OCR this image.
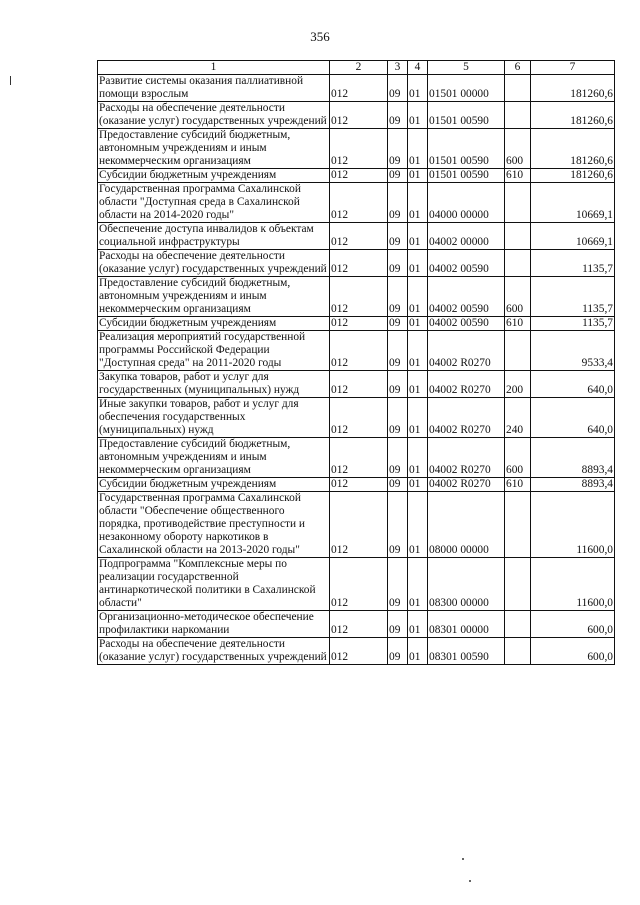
356
1	2	3	4	5	6	7
Развитие системы оказания паллиативной помощи взрослым	012	09	01	01501 00000		181260,6
Расходы на обеспечение деятельности (оказание услуг) государственных учреждений	012	09	01	01501 00590		181260,6
Предоставление субсидий бюджетным, автономным учреждениям и иным некоммерческим организациям	012	09	01	01501 00590	600	181260,6
Субсидии бюджетным учреждениям	012	09	01	01501 00590	610	181260,6
Государственная программа Сахалинской области "Доступная среда в Сахалинской области на 2014-2020 годы"	012	09	01	04000 00000		10669,1
Обеспечение доступа инвалидов к объектам социальной инфраструктуры	012	09	01	04002 00000		10669,1
Расходы на обеспечение деятельности (оказание услуг) государственных учреждений	012	09	01	04002 00590		1135,7
Предоставление субсидий бюджетным, автономным учреждениям и иным некоммерческим организациям	012	09	01	04002 00590	600	1135,7
Субсидии бюджетным учреждениям	012	09	01	04002 00590	610	1135,7
Реализация мероприятий государственной программы Российской Федерации "Доступная среда" на 2011-2020 годы	012	09	01	04002 R0270		9533,4
Закупка товаров, работ и услуг для государственных (муниципальных) нужд	012	09	01	04002 R0270	200	640,0
Иные закупки товаров, работ и услуг для обеспечения государственных (муниципальных) нужд	012	09	01	04002 R0270	240	640,0
Предоставление субсидий бюджетным, автономным учреждениям и иным некоммерческим организациям	012	09	01	04002 R0270	600	8893,4
Субсидии бюджетным учреждениям	012	09	01	04002 R0270	610	8893,4
Государственная программа Сахалинской области "Обеспечение общественного порядка, противодействие преступности и незаконному обороту наркотиков в Сахалинской области на 2013-2020 годы"	012	09	01	08000 00000		11600,0
Подпрограмма "Комплексные меры по реализации государственной антинаркотической политики в Сахалинской области"	012	09	01	08300 00000		11600,0
Организационно-методическое обеспечение профилактики наркомании	012	09	01	08301 00000		600,0
Расходы на обеспечение деятельности (оказание услуг) государственных учреждений	012	09	01	08301 00590		600,0
